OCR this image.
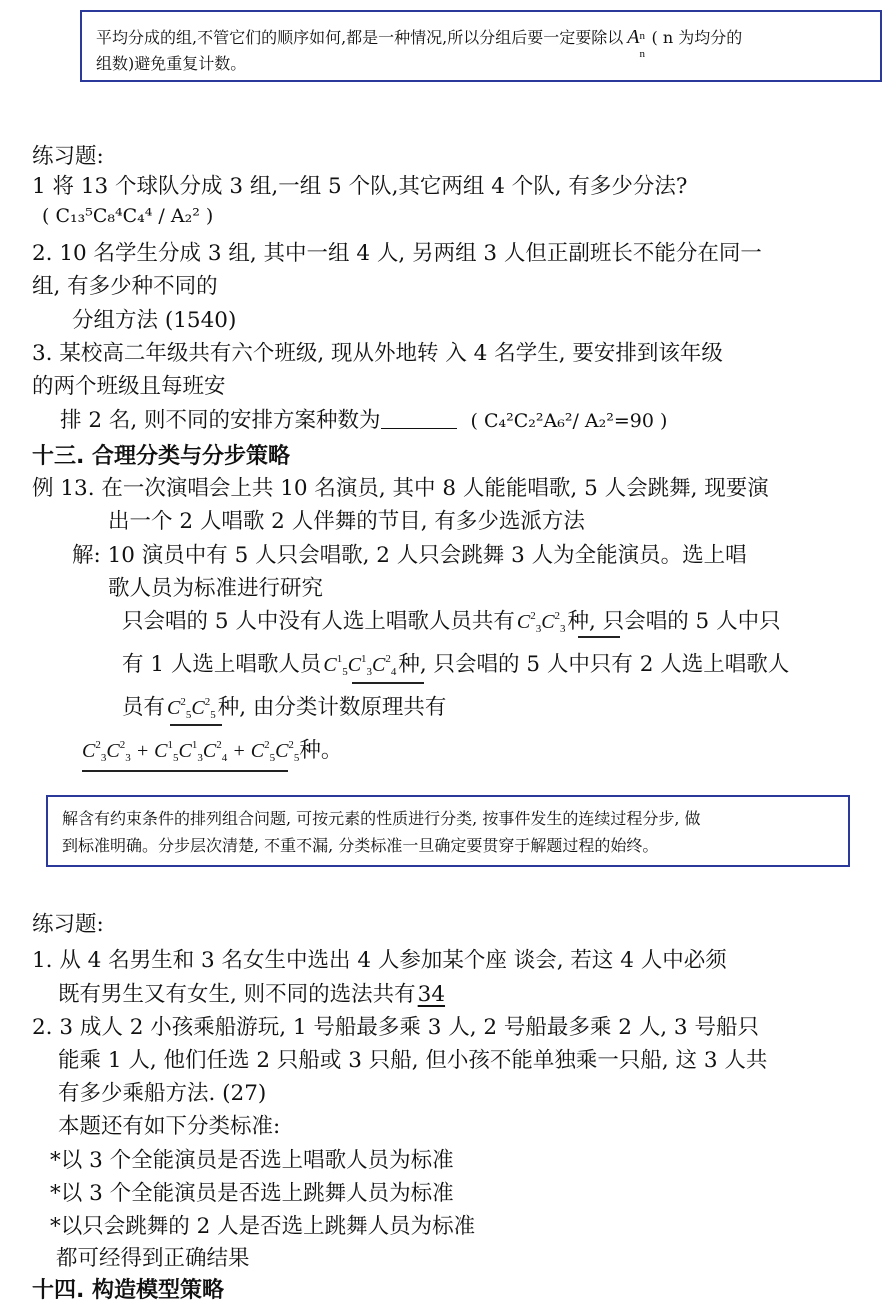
平均分成的组,不管它们的顺序如何,都是一种情况,所以分组后要一定要除以 A n
n
( n 为均分的
组数)避免重复计数。
练习题:
1 将 13 个球队分成 3 组,一组 5 个队,其它两组 4 个队, 有多少分法?
( C₁₃⁵C₈⁴C₄⁴ / A₂² )
2. 10 名学生分成 3 组, 其中一组 4 人, 另两组 3 人但正副班长不能分在同一
组, 有多少种不同的
分组方法 (1540)
3. 某校高二年级共有六个班级, 现从外地转 入 4 名学生, 要安排到该年级
的两个班级且每班安
排 2 名, 则不同的安排方案种数为	( C₄²C₂²A₆²/ A₂²=90 )
十三. 合理分类与分步策略
例 13. 在一次演唱会上共 10 名演员, 其中 8 人能能唱歌, 5 人会跳舞, 现要演
出一个 2 人唱歌 2 人伴舞的节目, 有多少选派方法
解: 10 演员中有 5 人只会唱歌, 2 人只会跳舞 3 人为全能演员。选上唱
歌人员为标准进行研究
只会唱的 5 人中没有人选上唱歌人员共有 $C^2_3C^2_3$种, 只会唱的 5 人中只
有 1 人选上唱歌人员 $C^1_5C^1_3C^2_4$种, 只会唱的 5 人中只有 2 人选上唱歌人
员有 $C^2_5C^2_5$种, 由分类计数原理共有
$C^2_3C^2_3 + C^1_5C^1_3C^2_4 + C^2_5C^2_5$种。
解含有约束条件的排列组合问题, 可按元素的性质进行分类, 按事件发生的连续过程分步, 做
到标准明确。分步层次清楚, 不重不漏, 分类标准一旦确定要贯穿于解题过程的始终。
练习题:
1. 从 4 名男生和 3 名女生中选出 4 人参加某个座 谈会, 若这 4 人中必须
既有男生又有女生, 则不同的选法共有34
2. 3 成人 2 小孩乘船游玩, 1 号船最多乘 3 人, 2 号船最多乘 2 人, 3 号船只
能乘 1 人, 他们任选 2 只船或 3 只船, 但小孩不能单独乘一只船, 这 3 人共
有多少乘船方法. (27)
本题还有如下分类标准:
*以 3 个全能演员是否选上唱歌人员为标准
*以 3 个全能演员是否选上跳舞人员为标准
*以只会跳舞的 2 人是否选上跳舞人员为标准
都可经得到正确结果
十四. 构造模型策略
